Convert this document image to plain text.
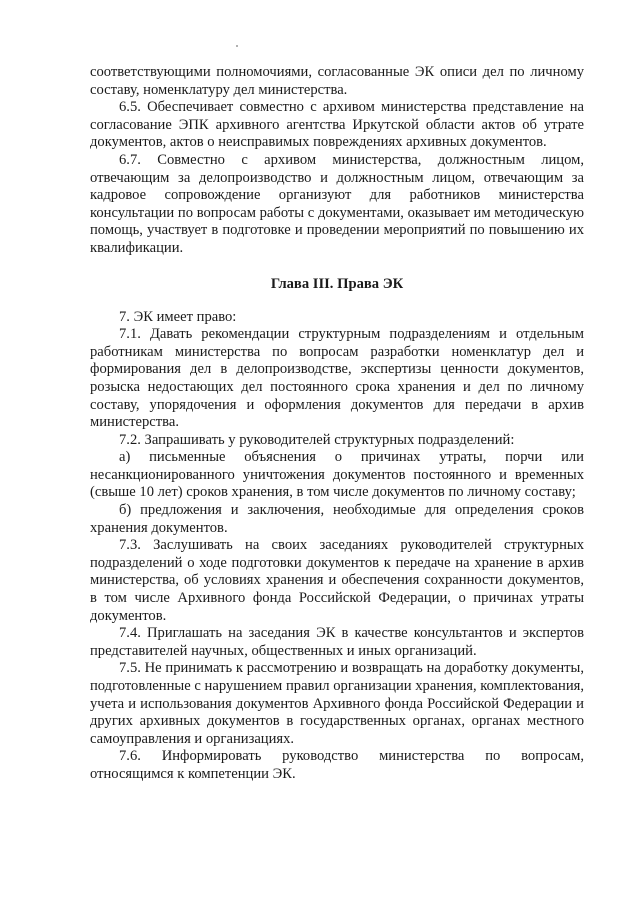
соответствующими полномочиями, согласованные ЭК описи дел по личному составу, номенклатуру дел министерства.

6.5. Обеспечивает совместно с архивом министерства представление на согласование ЭПК архивного агентства Иркутской области актов об утрате документов, актов о неисправимых повреждениях архивных документов.

6.7. Совместно с архивом министерства, должностным лицом, отвечающим за делопроизводство и должностным лицом, отвечающим за кадровое сопровождение организуют для работников министерства консультации по вопросам работы с документами, оказывает им методическую помощь, участвует в подготовке и проведении мероприятий по повышению их квалификации.

Глава III. Права ЭК

7. ЭК имеет право:

7.1. Давать рекомендации структурным подразделениям и отдельным работникам министерства по вопросам разработки номенклатур дел и формирования дел в делопроизводстве, экспертизы ценности документов, розыска недостающих дел постоянного срока хранения и дел по личному составу, упорядочения и оформления документов для передачи в архив министерства.

7.2. Запрашивать у руководителей структурных подразделений:

а) письменные объяснения о причинах утраты, порчи или несанкционированного уничтожения документов постоянного и временных (свыше 10 лет) сроков хранения, в том числе документов по личному составу;

б) предложения и заключения, необходимые для определения сроков хранения документов.

7.3. Заслушивать на своих заседаниях руководителей структурных подразделений о ходе подготовки документов к передаче на хранение в архив министерства, об условиях хранения и обеспечения сохранности документов, в том числе Архивного фонда Российской Федерации, о причинах утраты документов.

7.4. Приглашать на заседания ЭК в качестве консультантов и экспертов представителей научных, общественных и иных организаций.

7.5. Не принимать к рассмотрению и возвращать на доработку документы, подготовленные с нарушением правил организации хранения, комплектования, учета и использования документов Архивного фонда Российской Федерации и других архивных документов в государственных органах, органах местного самоуправления и организациях.

7.6. Информировать руководство министерства по вопросам, относящимся к компетенции ЭК.
